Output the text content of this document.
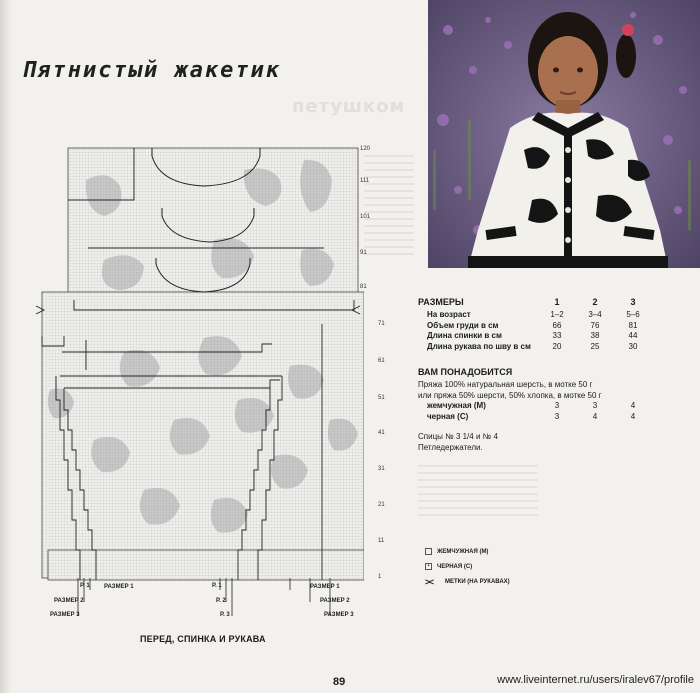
Пятнистый жакетик
петушком
120
111
101
91
81
71
61
51
41
31
21
11
1
Р. 1 РАЗМЕР 1
РАЗМЕР 2
РАЗМЕР 3
Р. 1
Р. 2
Р. 3
РАЗМЕР 1
РАЗМЕР 2
РАЗМЕР 3
ПЕРЕД, СПИНКА И РУКАВА
89	www.liveinternet.ru/users/iralev67/profile
РАЗМЕРЫ	1	2	3
На возраст	1–2	3–4	5–6
Объем груди в см	66	76	81
Длина спинки в см	33	38	44
Длина рукава по шву в см	20	25	30
ВАМ ПОНАДОБИТСЯ

Пряжа 100% натуральная шерсть, в мотке 50 г

или пряжа 50% шерсти, 50% хлопка, в мотке 50 г

жемчужная (М)	3	3	4
черная (С)	3	4	4

Спицы № 3 1/4 и № 4

Петледержатели.

ЖЕМЧУЖНАЯ (М)
•	ЧЕРНАЯ (С)
> <	МЕТКИ (НА РУКАВАХ)
